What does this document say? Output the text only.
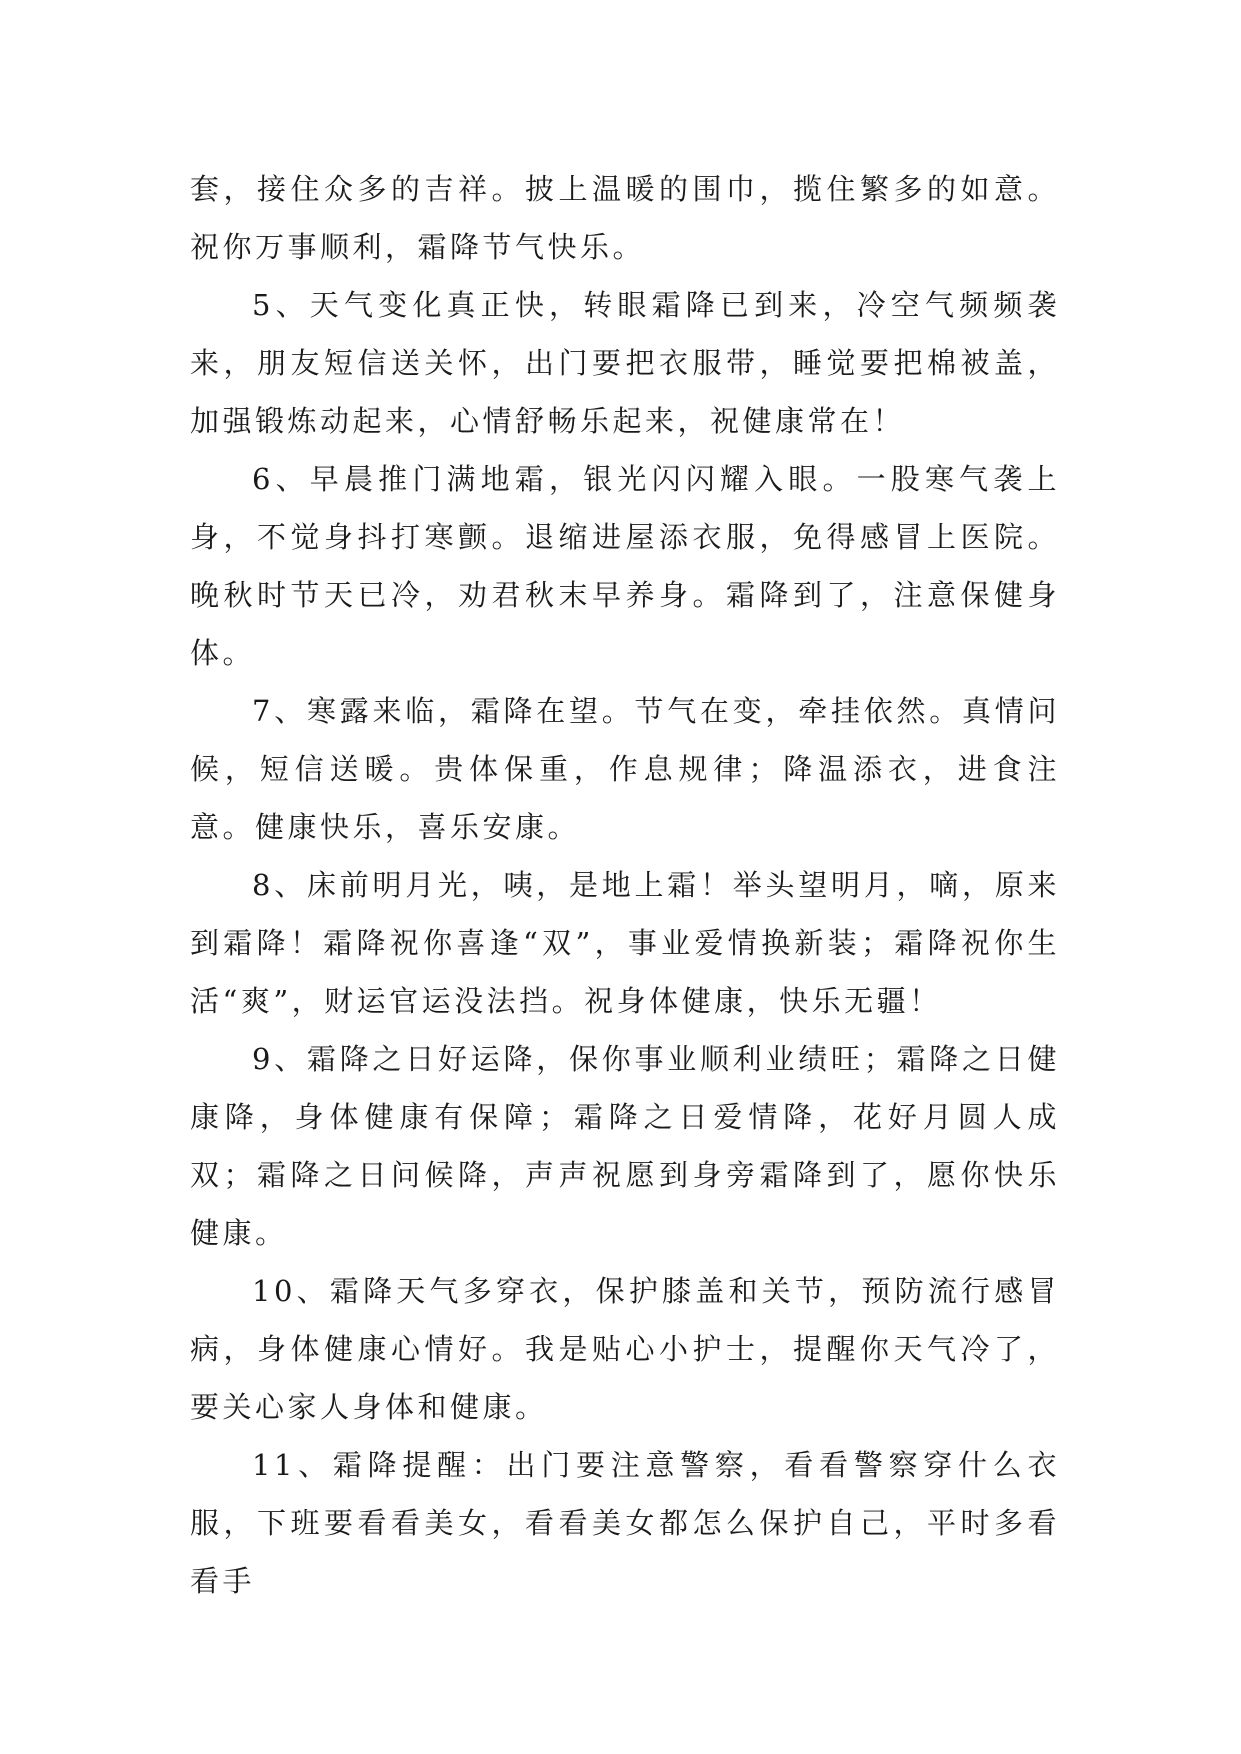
套，接住众多的吉祥。披上温暖的围巾，揽住繁多的如意。祝你万事顺利，霜降节气快乐。

5、天气变化真正快，转眼霜降已到来，冷空气频频袭来，朋友短信送关怀，出门要把衣服带，睡觉要把棉被盖，加强锻炼动起来，心情舒畅乐起来，祝健康常在！

6、早晨推门满地霜，银光闪闪耀入眼。一股寒气袭上身，不觉身抖打寒颤。退缩进屋添衣服，免得感冒上医院。晚秋时节天已冷，劝君秋末早养身。霜降到了，注意保健身体。

7、寒露来临，霜降在望。节气在变，牵挂依然。真情问候，短信送暖。贵体保重，作息规律；降温添衣，进食注意。健康快乐，喜乐安康。

8、床前明月光，咦，是地上霜！举头望明月，嘀，原来到霜降！霜降祝你喜逢“双”，事业爱情换新装；霜降祝你生活“爽”，财运官运没法挡。祝身体健康，快乐无疆！

9、霜降之日好运降，保你事业顺利业绩旺；霜降之日健康降，身体健康有保障；霜降之日爱情降，花好月圆人成双；霜降之日问候降，声声祝愿到身旁霜降到了，愿你快乐健康。

10、霜降天气多穿衣，保护膝盖和关节，预防流行感冒病，身体健康心情好。我是贴心小护士，提醒你天气冷了，要关心家人身体和健康。

11、霜降提醒：出门要注意警察，看看警察穿什么衣服，下班要看看美女，看看美女都怎么保护自己，平时多看看手
